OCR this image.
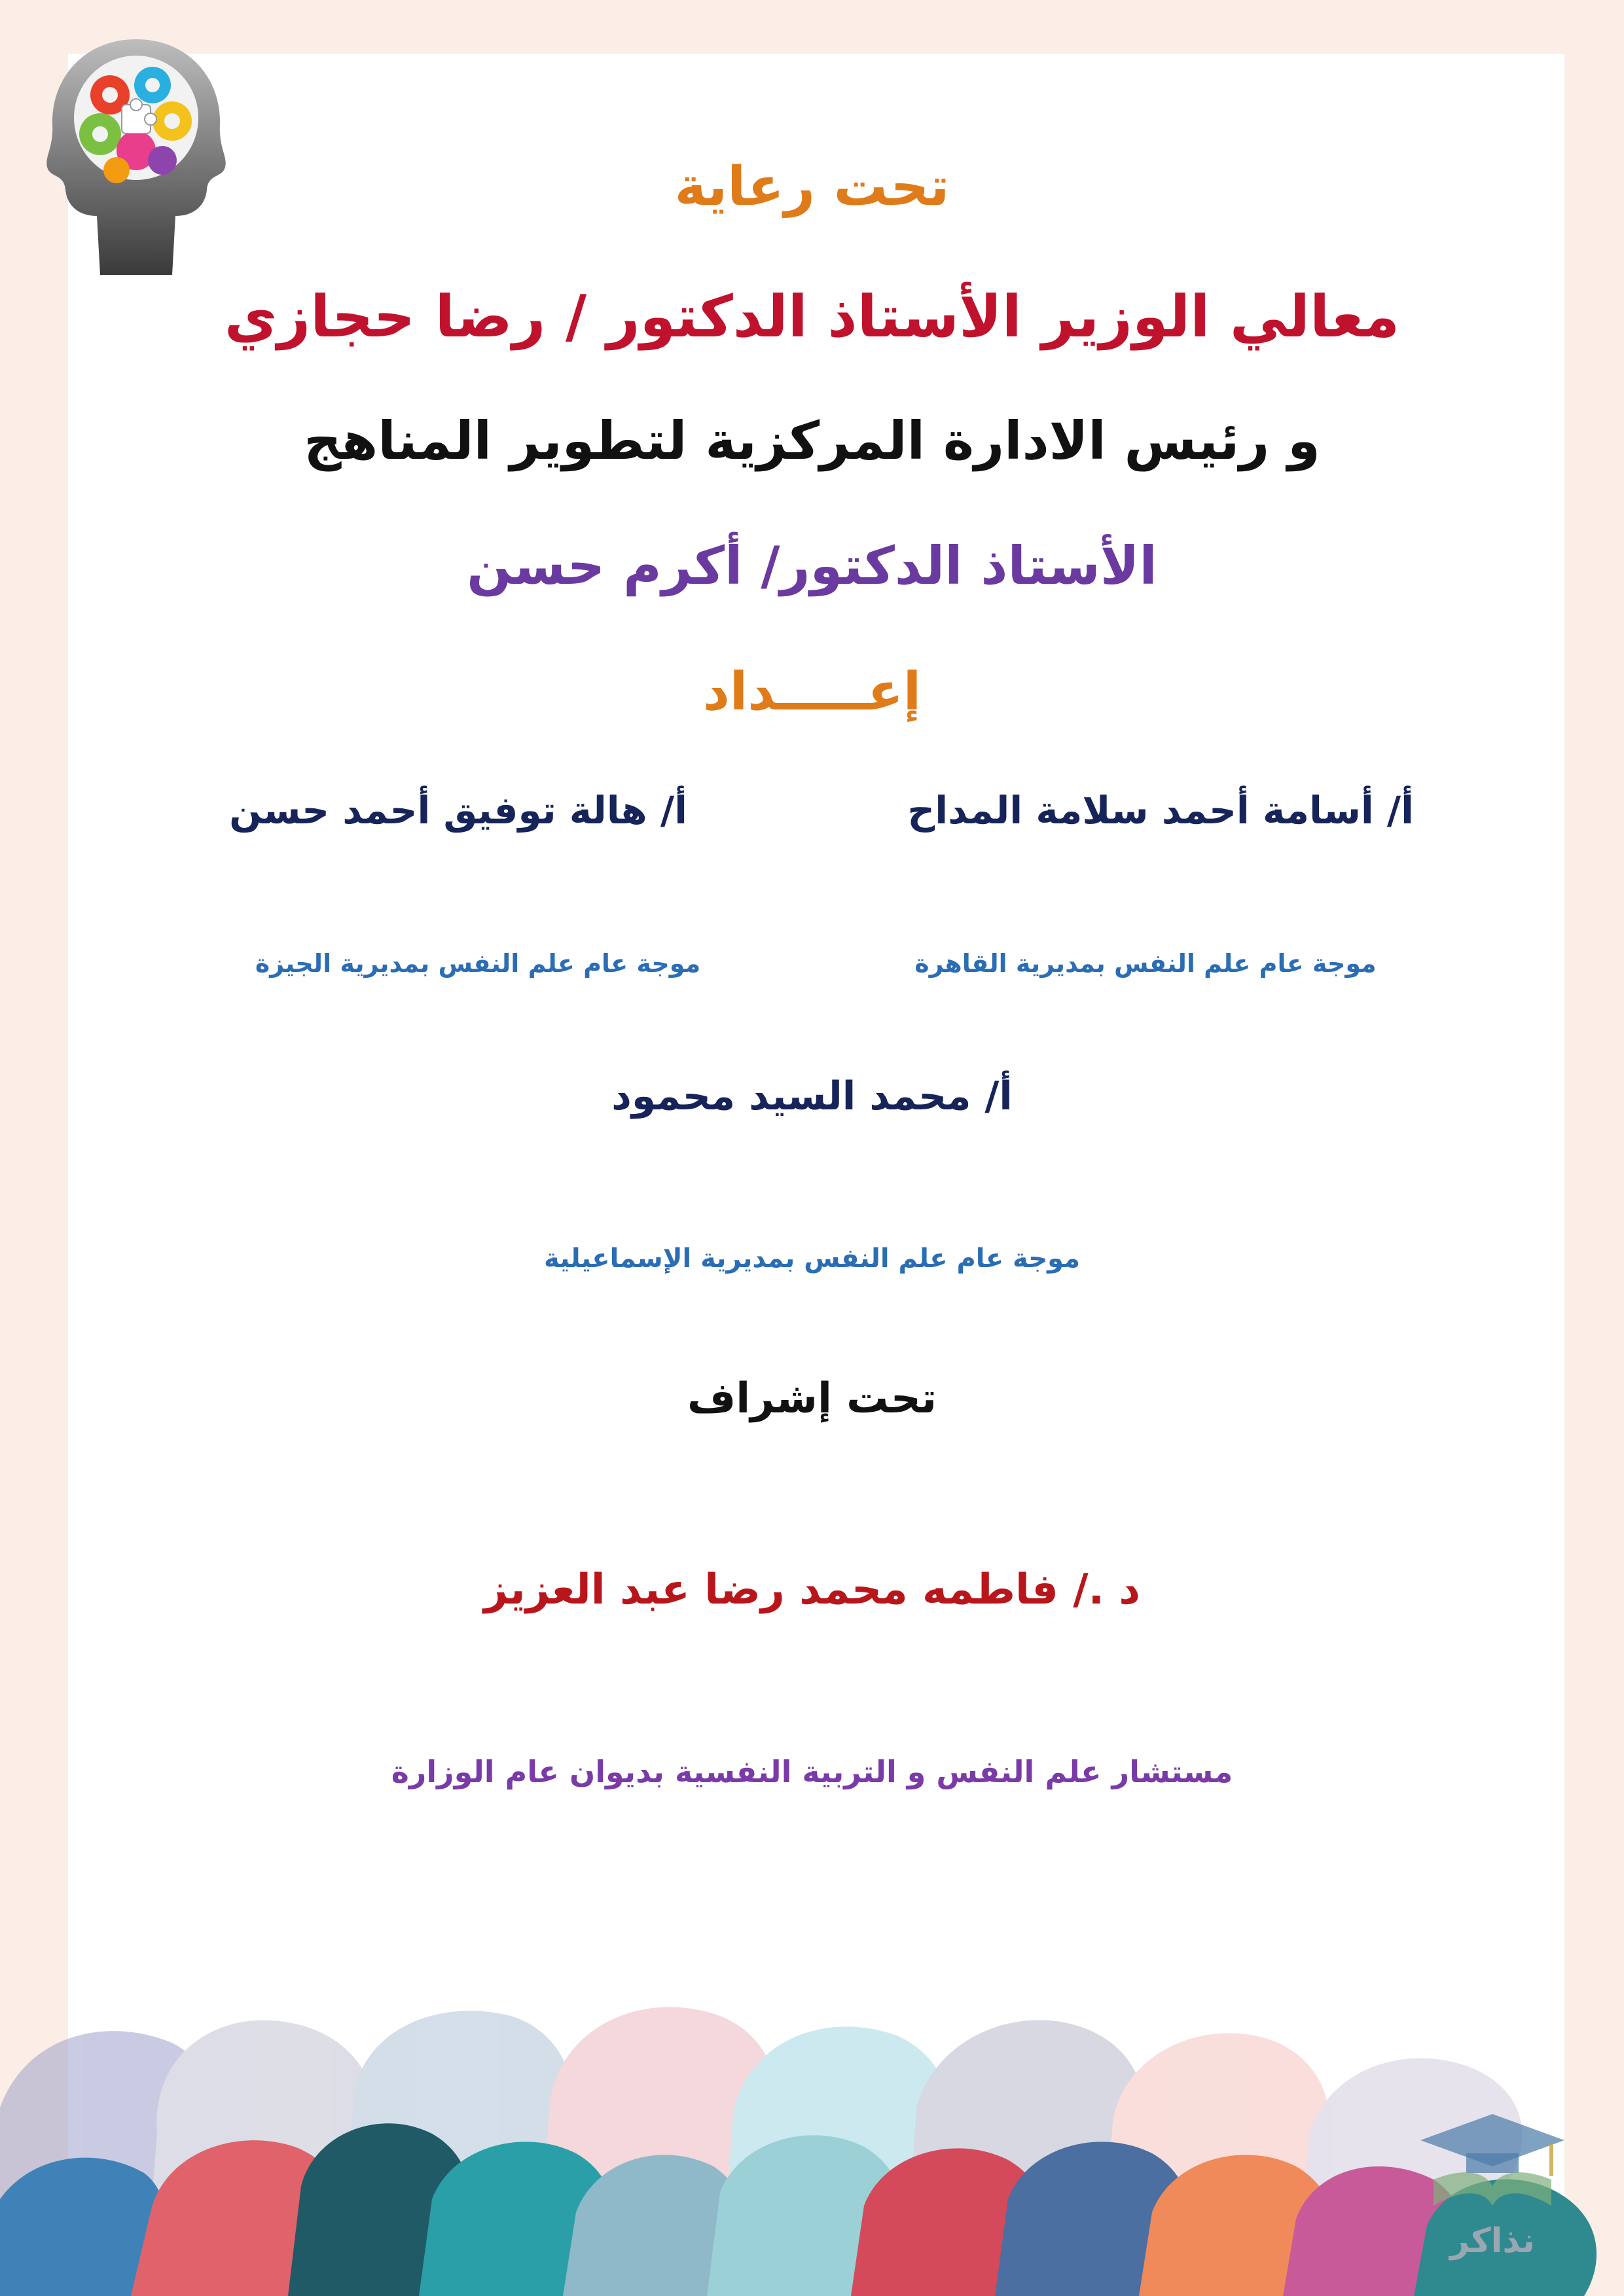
تحت رعاية

معالي الوزير الأستاذ الدكتور / رضا حجازي

و رئيس الادارة المركزية لتطوير المناهج

الأستاذ الدكتور/ أكرم حسن

إعـــــداد

أ/ أسامة أحمد سلامة المداح
موجة عام علم النفس بمديرية القاهرة
أ/ هالة توفيق أحمد حسن
موجة عام علم النفس بمديرية الجيزة

أ/ محمد السيد محمود

موجة عام علم النفس بمديرية الإسماعيلية

تحت إشراف

د ./ فاطمه محمد رضا عبد العزيز

مستشار علم النفس و التربية النفسية بديوان عام الوزارة

نذاكر
